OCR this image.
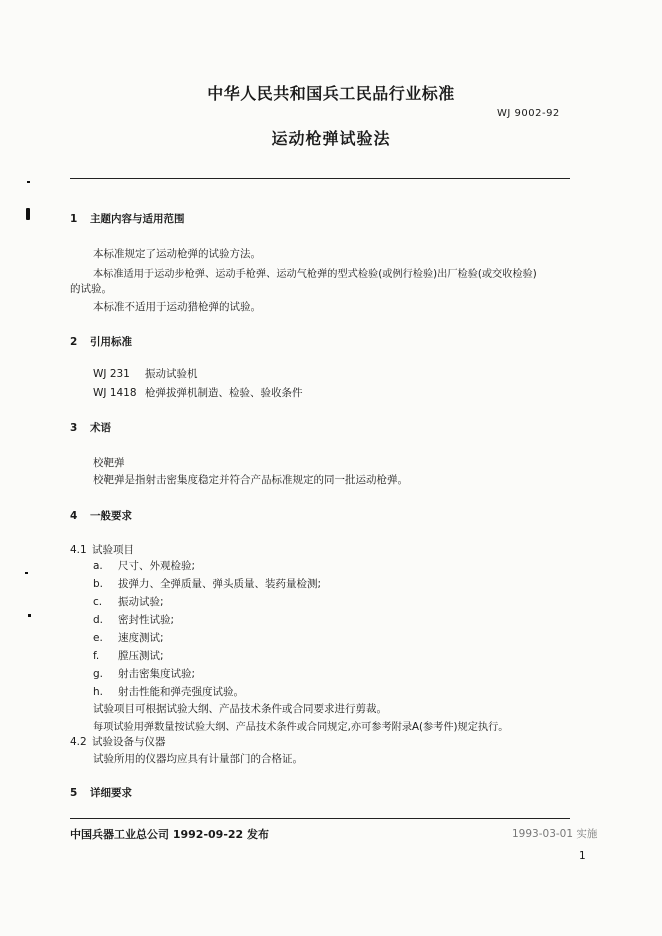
中华人民共和国兵工民品行业标准
WJ 9002-92
运动枪弹试验法
1 主题内容与适用范围
本标准规定了运动枪弹的试验方法。
本标准适用于运动步枪弹、运动手枪弹、运动气枪弹的型式检验(或例行检验)出厂检验(或交收检验)
的试验。
本标准不适用于运动猎枪弹的试验。
2 引用标准
WJ 231 振动试验机
WJ 1418 枪弹拔弹机制造、检验、验收条件
3 术语
校靶弹
校靶弹是指射击密集度稳定并符合产品标准规定的同一批运动枪弹。
4 一般要求
4.1 试验项目
a. 尺寸、外观检验;
b. 拔弹力、全弹质量、弹头质量、装药量检测;
c. 振动试验;
d. 密封性试验;
e. 速度测试;
f. 膛压测试;
g. 射击密集度试验;
h. 射击性能和弹壳强度试验。
试验项目可根据试验大纲、产品技术条件或合同要求进行剪裁。
每项试验用弹数量按试验大纲、产品技术条件或合同规定,亦可参考附录A(参考件)规定执行。
4.2 试验设备与仪器
试验所用的仪器均应具有计量部门的合格证。
5 详细要求
中国兵器工业总公司 1992-09-22 发布	1993-03-01 实施
1
